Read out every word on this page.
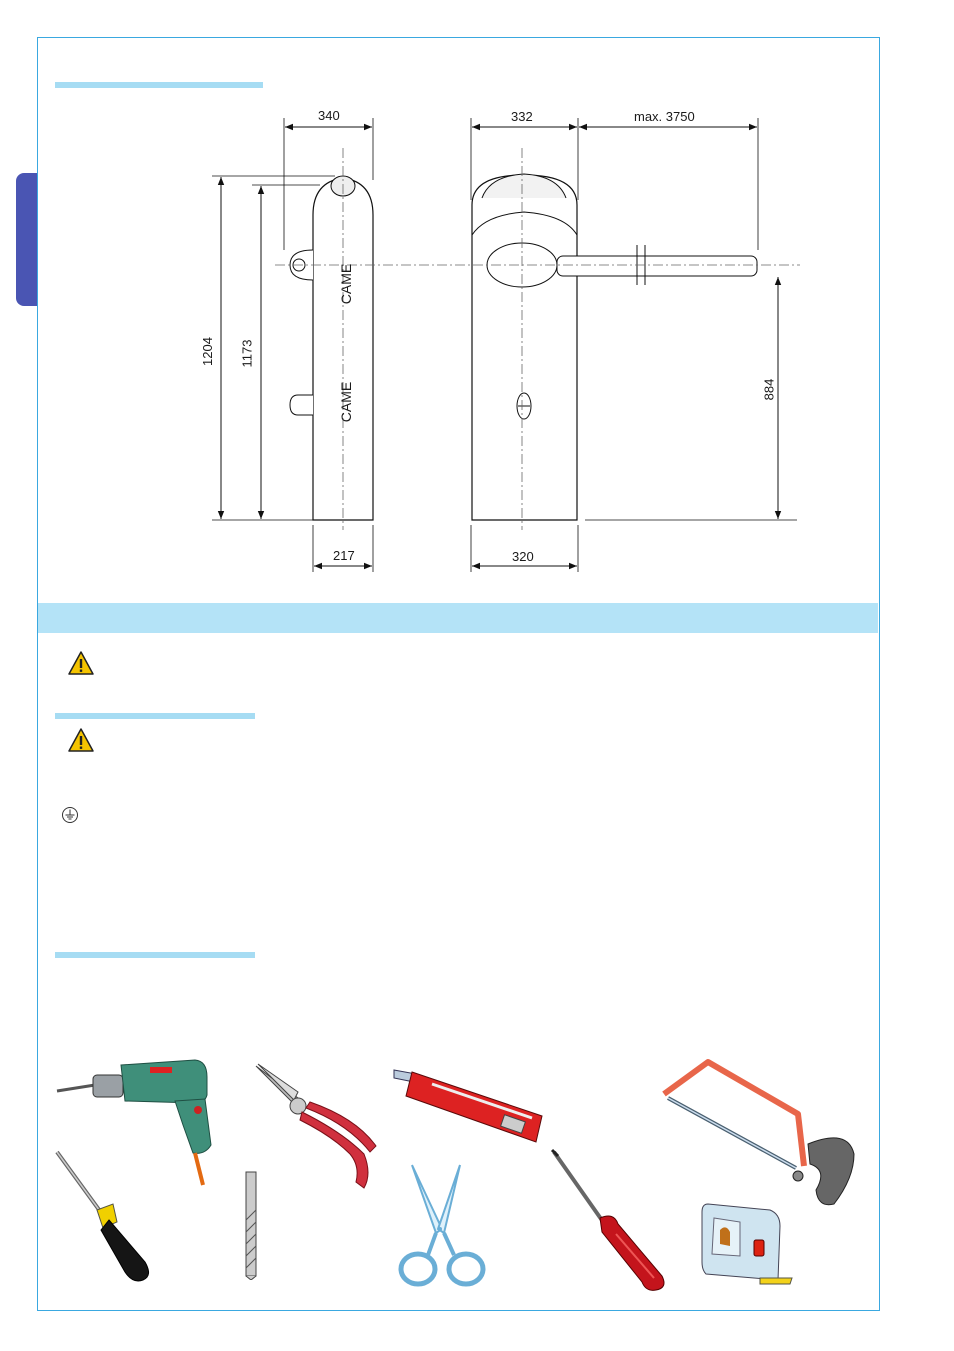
340	332	max. 3750
1204 1173
884
217	320
CAME
CAME
